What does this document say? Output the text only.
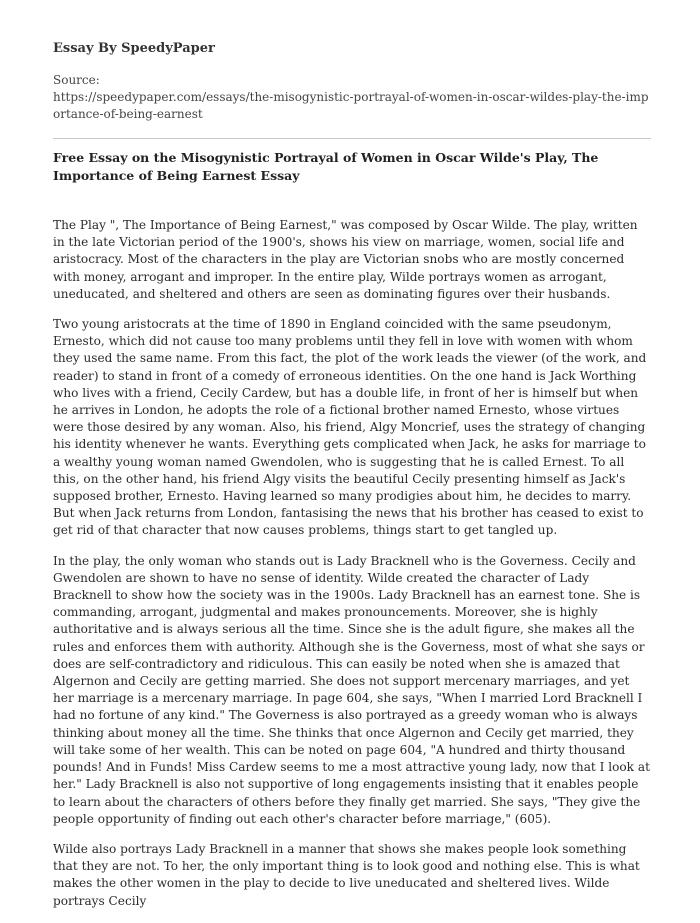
Essay By SpeedyPaper
Source:
https://speedypaper.com/essays/the-misogynistic-portrayal-of-women-in-oscar-wildes-play-the-importance-of-being-earnest
Free Essay on the Misogynistic Portrayal of Women in Oscar Wilde's Play, The Importance of Being Earnest Essay

The Play ", The Importance of Being Earnest," was composed by Oscar Wilde. The play, written in the late Victorian period of the 1900's, shows his view on marriage, women, social life and aristocracy. Most of the characters in the play are Victorian snobs who are mostly concerned with money, arrogant and improper. In the entire play, Wilde portrays women as arrogant, uneducated, and sheltered and others are seen as dominating figures over their husbands.

Two young aristocrats at the time of 1890 in England coincided with the same pseudonym, Ernesto, which did not cause too many problems until they fell in love with women with whom they used the same name. From this fact, the plot of the work leads the viewer (of the work, and reader) to stand in front of a comedy of erroneous identities. On the one hand is Jack Worthing who lives with a friend, Cecily Cardew, but has a double life, in front of her is himself but when he arrives in London, he adopts the role of a fictional brother named Ernesto, whose virtues were those desired by any woman. Also, his friend, Algy Moncrief, uses the strategy of changing his identity whenever he wants. Everything gets complicated when Jack, he asks for marriage to a wealthy young woman named Gwendolen, who is suggesting that he is called Ernest. To all this, on the other hand, his friend Algy visits the beautiful Cecily presenting himself as Jack's supposed brother, Ernesto. Having learned so many prodigies about him, he decides to marry. But when Jack returns from London, fantasising the news that his brother has ceased to exist to get rid of that character that now causes problems, things start to get tangled up.

In the play, the only woman who stands out is Lady Bracknell who is the Governess. Cecily and Gwendolen are shown to have no sense of identity. Wilde created the character of Lady Bracknell to show how the society was in the 1900s. Lady Bracknell has an earnest tone. She is commanding, arrogant, judgmental and makes pronouncements. Moreover, she is highly authoritative and is always serious all the time. Since she is the adult figure, she makes all the rules and enforces them with authority. Although she is the Governess, most of what she says or does are self-contradictory and ridiculous. This can easily be noted when she is amazed that Algernon and Cecily are getting married. She does not support mercenary marriages, and yet her marriage is a mercenary marriage. In page 604, she says, "When I married Lord Bracknell I had no fortune of any kind." The Governess is also portrayed as a greedy woman who is always thinking about money all the time. She thinks that once Algernon and Cecily get married, they will take some of her wealth. This can be noted on page 604, "A hundred and thirty thousand pounds! And in Funds! Miss Cardew seems to me a most attractive young lady, now that I look at her." Lady Bracknell is also not supportive of long engagements insisting that it enables people to learn about the characters of others before they finally get married. She says, "They give the people opportunity of finding out each other's character before marriage," (605).

Wilde also portrays Lady Bracknell in a manner that shows she makes people look something that they are not. To her, the only important thing is to look good and nothing else. This is what makes the other women in the play to decide to live uneducated and sheltered lives. Wilde portrays Cecily
